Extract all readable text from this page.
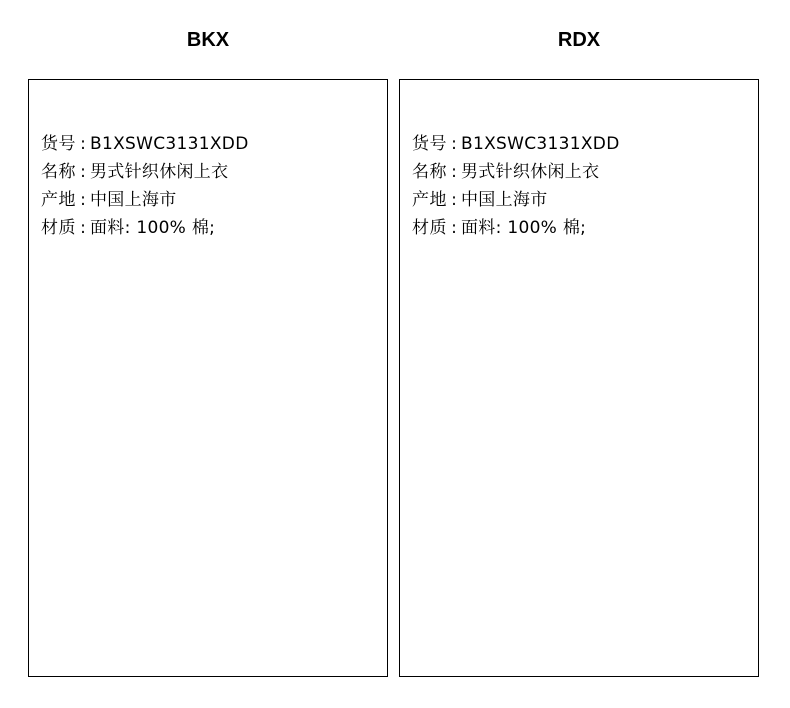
BKX
货号 : B1XSWC3131XDD
名称 : 男式针织休闲上衣
产地 : 中国上海市
材质 : 面料: 100% 棉;
RDX
货号 : B1XSWC3131XDD
名称 : 男式针织休闲上衣
产地 : 中国上海市
材质 : 面料: 100% 棉;
